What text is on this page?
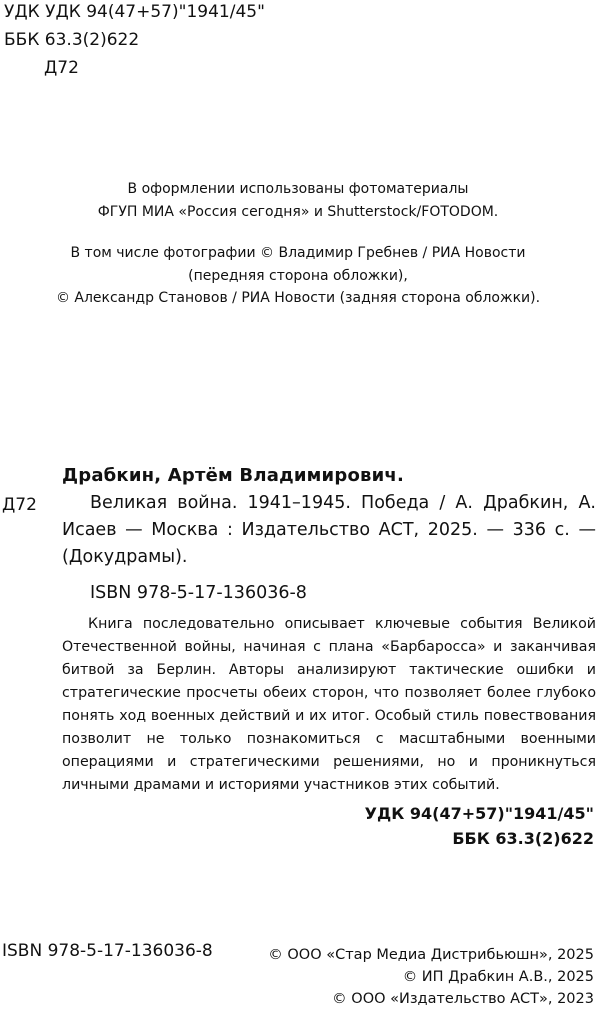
УДК УДК 94(47+57)"1941/45"
ББК 63.3(2)622
Д72
В оформлении использованы фотоматериалы
ФГУП МИА «Россия сегодня» и Shutterstock/FOTODOM.
В том числе фотографии © Владимир Гребнев / РИА Новости
(передняя сторона обложки),
© Александр Становов / РИА Новости (задняя сторона обложки).
Д72
Драбкин, Артём Владимирович.
Великая война. 1941–1945. Победа / А. Драбкин, А. Исаев — Москва : Издательство АСТ, 2025. — 336 с. — (Докудрамы).
ISBN 978-5-17-136036-8
Книга последовательно описывает ключевые события Великой Отечественной войны, начиная с плана «Барбаросса» и заканчивая битвой за Берлин. Авторы анализируют тактические ошибки и стратегические просчеты обеих сторон, что позволяет более глубоко понять ход военных действий и их итог. Особый стиль повествования позволит не только познакомиться с масштабными военными операциями и стратегическими решениями, но и проникнуться личными драмами и историями участников этих событий.
УДК 94(47+57)"1941/45"
ББК 63.3(2)622
ISBN 978-5-17-136036-8	© ООО «Стар Медиа Дистрибьюшн», 2025
© ИП Драбкин А.В., 2025
© ООО «Издательство АСТ», 2023
